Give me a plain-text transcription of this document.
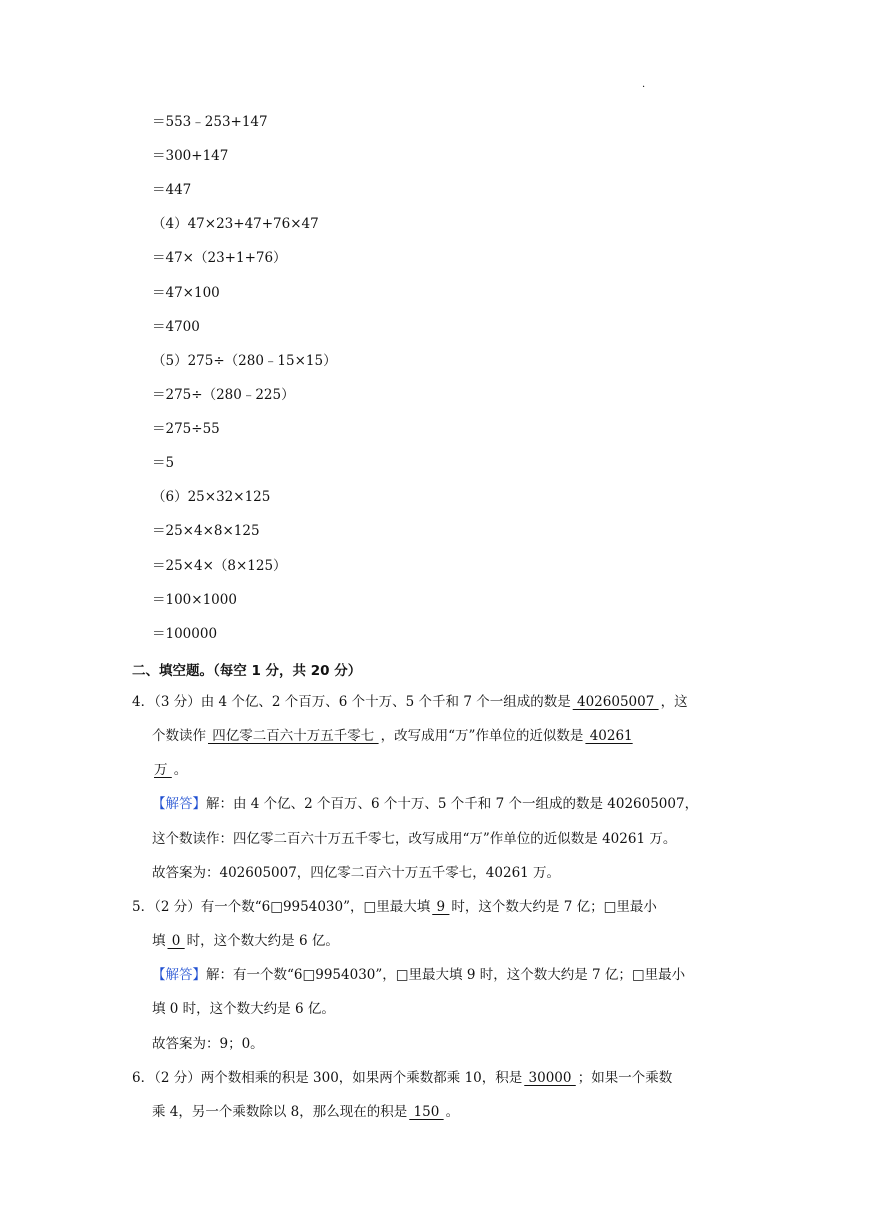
·
＝553﹣253+147
＝300+147
＝447
（4）47×23+47+76×47
＝47×（23+1+76）
＝47×100
＝4700
（5）275÷（280﹣15×15）
＝275÷（280﹣225）
＝275÷55
＝5
（6）25×32×125
＝25×4×8×125
＝25×4×（8×125）
＝100×1000
＝100000
二、填空题。（每空 1 分，共 20 分）
4．（3 分）由 4 个亿、2 个百万、6 个十万、5 个千和 7 个一组成的数是 402605007 ，这
个数读作 四亿零二百六十万五千零七 ，改写成用“万”作单位的近似数是 40261
万 。
【解答】解：由 4 个亿、2 个百万、6 个十万、5 个千和 7 个一组成的数是 402605007，
这个数读作：四亿零二百六十万五千零七，改写成用“万”作单位的近似数是 40261 万。
故答案为：402605007，四亿零二百六十万五千零七，40261 万。
5．（2 分）有一个数“6□9954030”，□里最大填 9 时，这个数大约是 7 亿；□里最小
填 0 时，这个数大约是 6 亿。
【解答】解：有一个数“6□9954030”，□里最大填 9 时，这个数大约是 7 亿；□里最小
填 0 时，这个数大约是 6 亿。
故答案为：9；0。
6．（2 分）两个数相乘的积是 300，如果两个乘数都乘 10，积是 30000 ；如果一个乘数
乘 4，另一个乘数除以 8，那么现在的积是 150 。
